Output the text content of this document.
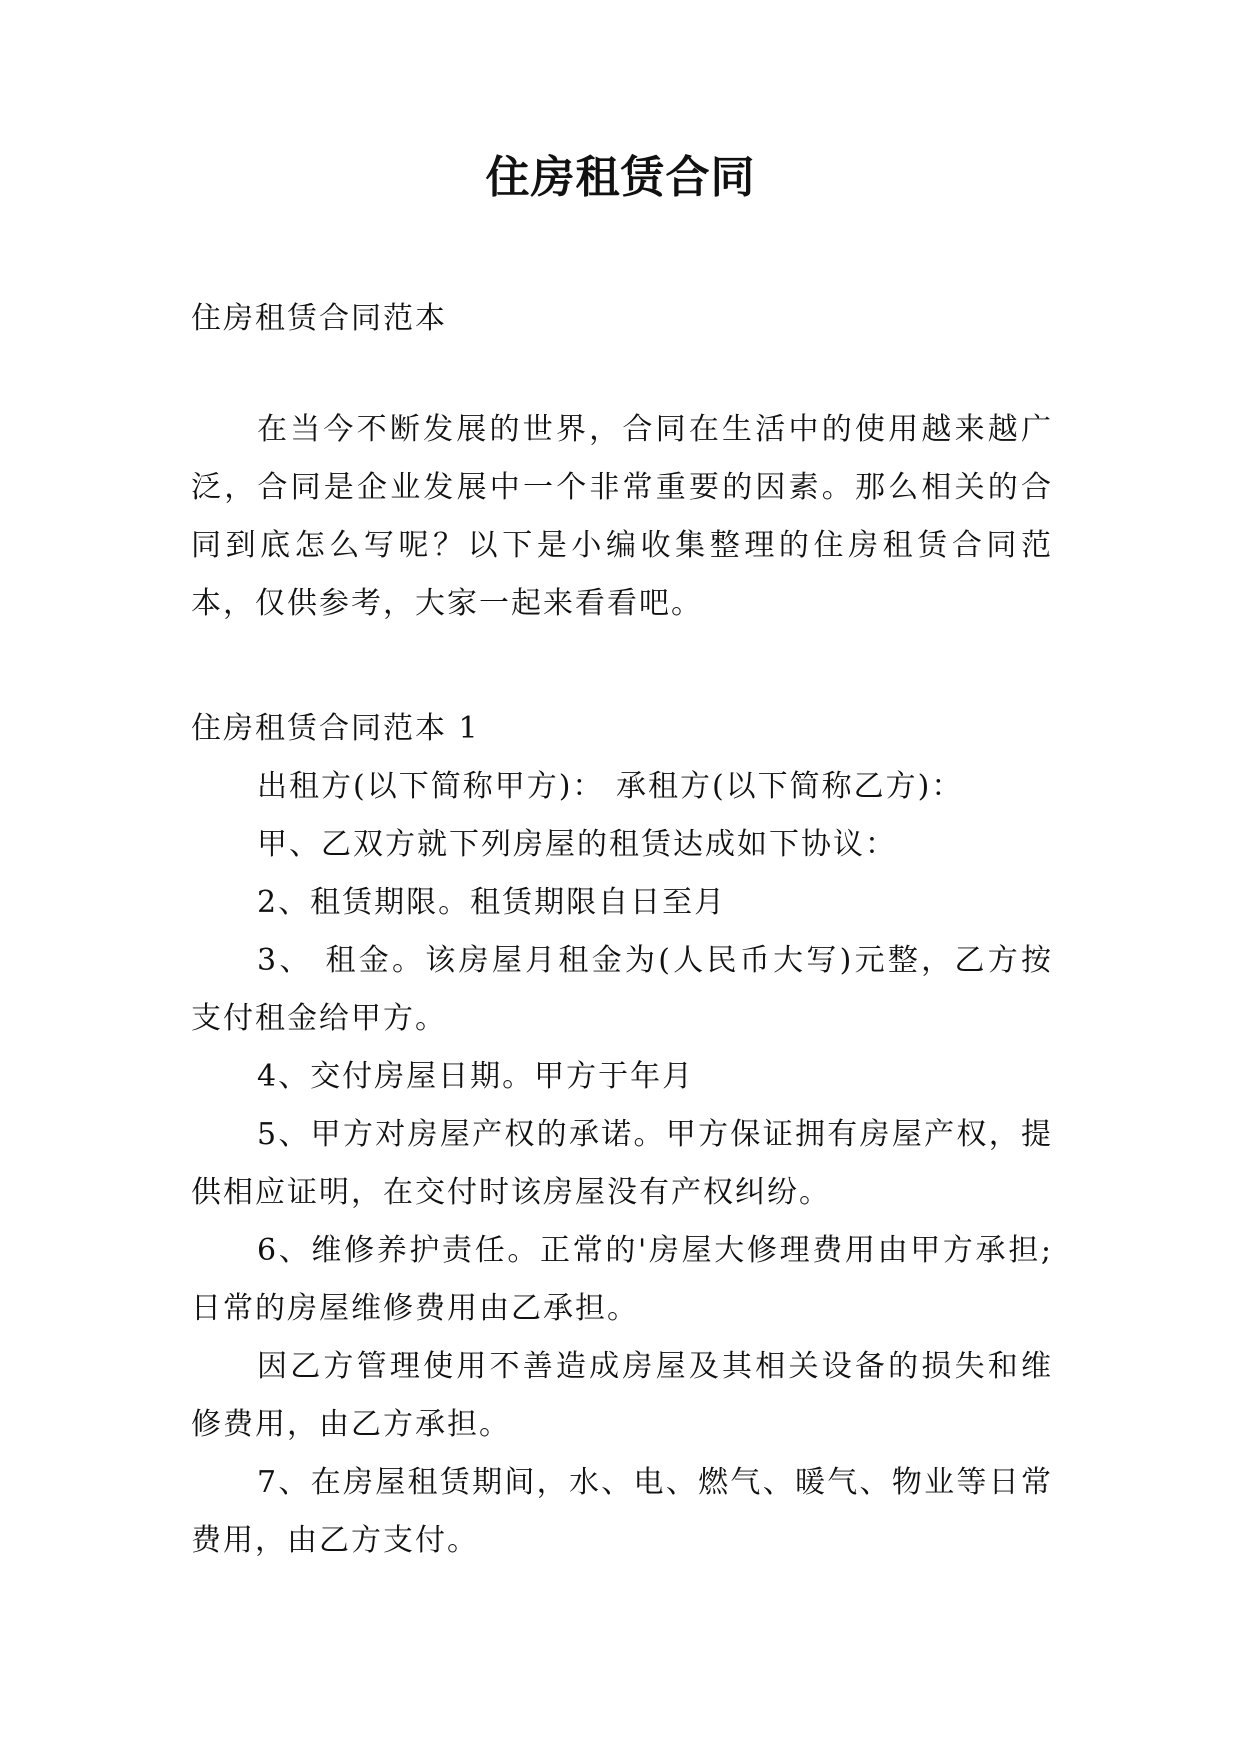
住房租赁合同

住房租赁合同范本

在当今不断发展的世界，合同在生活中的使用越来越广泛，合同是企业发展中一个非常重要的因素。那么相关的合同到底怎么写呢？以下是小编收集整理的住房租赁合同范本，仅供参考，大家一起来看看吧。

住房租赁合同范本 1

出租方(以下简称甲方)： 承租方(以下简称乙方)：

甲、乙双方就下列房屋的租赁达成如下协议：

2、租赁期限。租赁期限自日至月

3、 租金。该房屋月租金为(人民币大写)元整，乙方按 支付租金给甲方。

4、交付房屋日期。甲方于年月

5、甲方对房屋产权的承诺。甲方保证拥有房屋产权，提供相应证明，在交付时该房屋没有产权纠纷。

6、维修养护责任。正常的'房屋大修理费用由甲方承担;日常的房屋维修费用由乙承担。

因乙方管理使用不善造成房屋及其相关设备的损失和维修费用，由乙方承担。

7、在房屋租赁期间，水、电、燃气、暖气、物业等日常费用，由乙方支付。
